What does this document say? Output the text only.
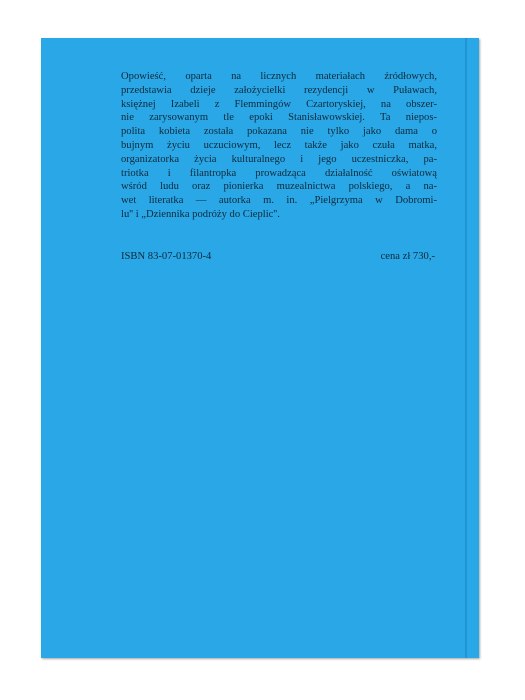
Opowieść, oparta na licznych materiałach źródłowych,
przedstawia dzieje założycielki rezydencji w Puławach,
księżnej Izabeli z Flemmingów Czartoryskiej, na obszer-
nie zarysowanym tle epoki Stanisławowskiej. Ta niepos-
polita kobieta została pokazana nie tylko jako dama o
bujnym życiu uczuciowym, lecz także jako czuła matka,
organizatorka życia kulturalnego i jego uczestniczka, pa-
triotka i filantropka prowadząca działalność oświatową
wśród ludu oraz pionierka muzealnictwa polskiego, a na-
wet literatka — autorka m. in. „Pielgrzyma w Dobromi-
lu'' i „Dziennika podróży do Cieplic''.
ISBN 83-07-01370-4	cena zł 730,-
